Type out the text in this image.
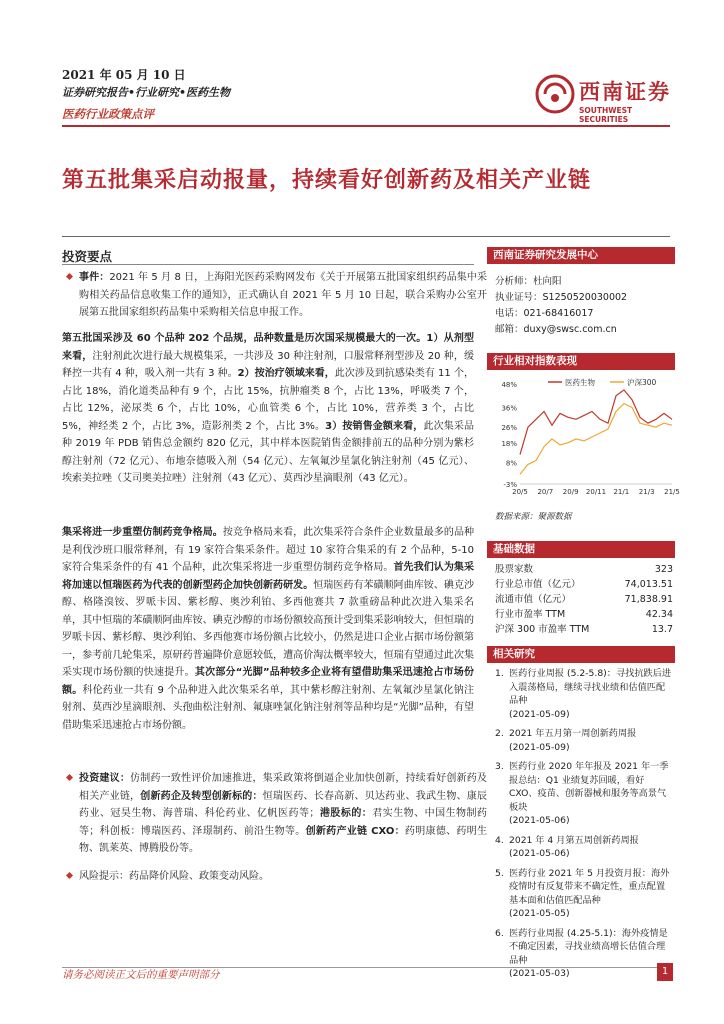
2021 年 05 月 10 日
证券研究报告•行业研究•医药生物
医药行业政策点评
西南证券
SOUTHWEST SECURITIES
第五批集采启动报量，持续看好创新药及相关产业链
投资要点
事件：2021 年 5 月 8 日，上海阳光医药采购网发布《关于开展第五批国家组织药品集中采购相关药品信息收集工作的通知》，正式确认自 2021 年 5 月 10 日起，联合采购办公室开展第五批国家组织药品集中采购相关信息申报工作。
第五批国采涉及 60 个品种 202 个品规，品种数量是历次国采规模最大的一次。1）从剂型来看，注射剂此次进行最大规模集采，一共涉及 30 种注射剂，口服常释剂型涉及 20 种，缓释控一共有 4 种，吸入剂一共有 3 种。2）按治疗领域来看，此次涉及到抗感染类有 11 个，占比 18%，消化道类品种有 9 个，占比 15%，抗肿瘤类 8 个，占比 13%，呼吸类 7 个，占比 12%，泌尿类 6 个，占比 10%，心血管类 6 个，占比 10%，营养类 3 个，占比 5%，神经类 2 个，占比 3%，造影剂类 2 个，占比 3%。3）按销售金额来看，此次集采品种 2019 年 PDB 销售总金额约 820 亿元，其中样本医院销售金额排前五的品种分别为紫杉醇注射剂（72 亿元）、布地奈德吸入剂（54 亿元）、左氧氟沙星氯化钠注射剂（45 亿元）、埃索美拉唑（艾司奥美拉唑）注射剂（43 亿元）、莫西沙星滴眼剂（43 亿元）。
集采将进一步重塑仿制药竞争格局。按竞争格局来看，此次集采符合条件企业数量最多的品种是利伐沙班口服常释剂，有 19 家符合集采条件。超过 10 家符合集采的有 2 个品种，5-10 家符合集采条件的有 41 个品种，此次集采将进一步重塑仿制药竞争格局。首先我们认为集采将加速以恒瑞医药为代表的创新型药企加快创新药研发。恒瑞医药有苯磺顺阿曲库铵、碘克沙醇、格隆溴铵、罗哌卡因、紫杉醇、奥沙利铂、多西他赛共 7 款重磅品种此次进入集采名单，其中恒瑞的苯磺顺阿曲库铵、碘克沙醇的市场份额较高预计受到集采影响较大，但恒瑞的罗哌卡因、紫杉醇、奥沙利铂、多西他赛市场份额占比较小，仍然是进口企业占据市场份额第一，参考前几轮集采，原研药普遍降价意愿较低，遭高价淘汰概率较大，恒瑞有望通过此次集采实现市场份额的快速提升。其次部分“光脚”品种较多企业将有望借助集采迅速抢占市场份额。科伦药业一共有 9 个品种进入此次集采名单，其中紫杉醇注射剂、左氧氟沙星氯化钠注射剂、莫西沙星滴眼剂、头孢曲松注射剂、氟康唑氯化钠注射剂等品种均是“光脚”品种，有望借助集采迅速抢占市场份额。
投资建议：仿制药一致性评价加速推进，集采政策将倒逼企业加快创新，持续看好创新药及相关产业链，创新药企及转型创新标的：恒瑞医药、长春高新、贝达药业、我武生物、康辰药业、冠昊生物、海普瑞、科伦药业、亿帆医药等；港股标的：君实生物、中国生物制药等；科创板：博瑞医药、泽璟制药、前沿生物等。创新药产业链 CXO：药明康德、药明生物、凯莱英、博腾股份等。
风险提示：药品降价风险、政策变动风险。
西南证券研究发展中心
分析师：杜向阳
执业证号：S1250520030002
电话：021-68416017
邮箱：duxy@swsc.com.cn
行业相对指数表现
48%
36%
26%
18%
8%
-3%
20/5 20/7 20/9 20/11 21/1 21/3 21/5
医药生物	沪深300
数据来源：聚源数据
基础数据
股票家数	323
行业总市值（亿元）	74,013.51
流通市值（亿元）	71,838.91
行业市盈率 TTM	42.34
沪深 300 市盈率 TTM	13.7
相关研究
1. 医药行业周报 (5.2-5.8)：寻找抗跌后进入震荡格局，继续寻找业绩和估值匹配品种
(2021-05-09)
2. 2021 年五月第一周创新药周报
(2021-05-09)
3. 医药行业 2020 年年报及 2021 年一季报总结：Q1 业绩复苏回暖，看好 CXO、疫苗、创新器械和服务等高景气板块
(2021-05-06)
4. 2021 年 4 月第五周创新药周报
(2021-05-06)
5. 医药行业 2021 年 5 月投资月报：海外疫情时有反复带来不确定性，重点配置基本面和估值匹配品种
(2021-05-05)
6. 医药行业周报 (4.25-5.1)：海外疫情是不确定因素，寻找业绩高增长估值合理品种
(2021-05-03)
请务必阅读正文后的重要声明部分	1
